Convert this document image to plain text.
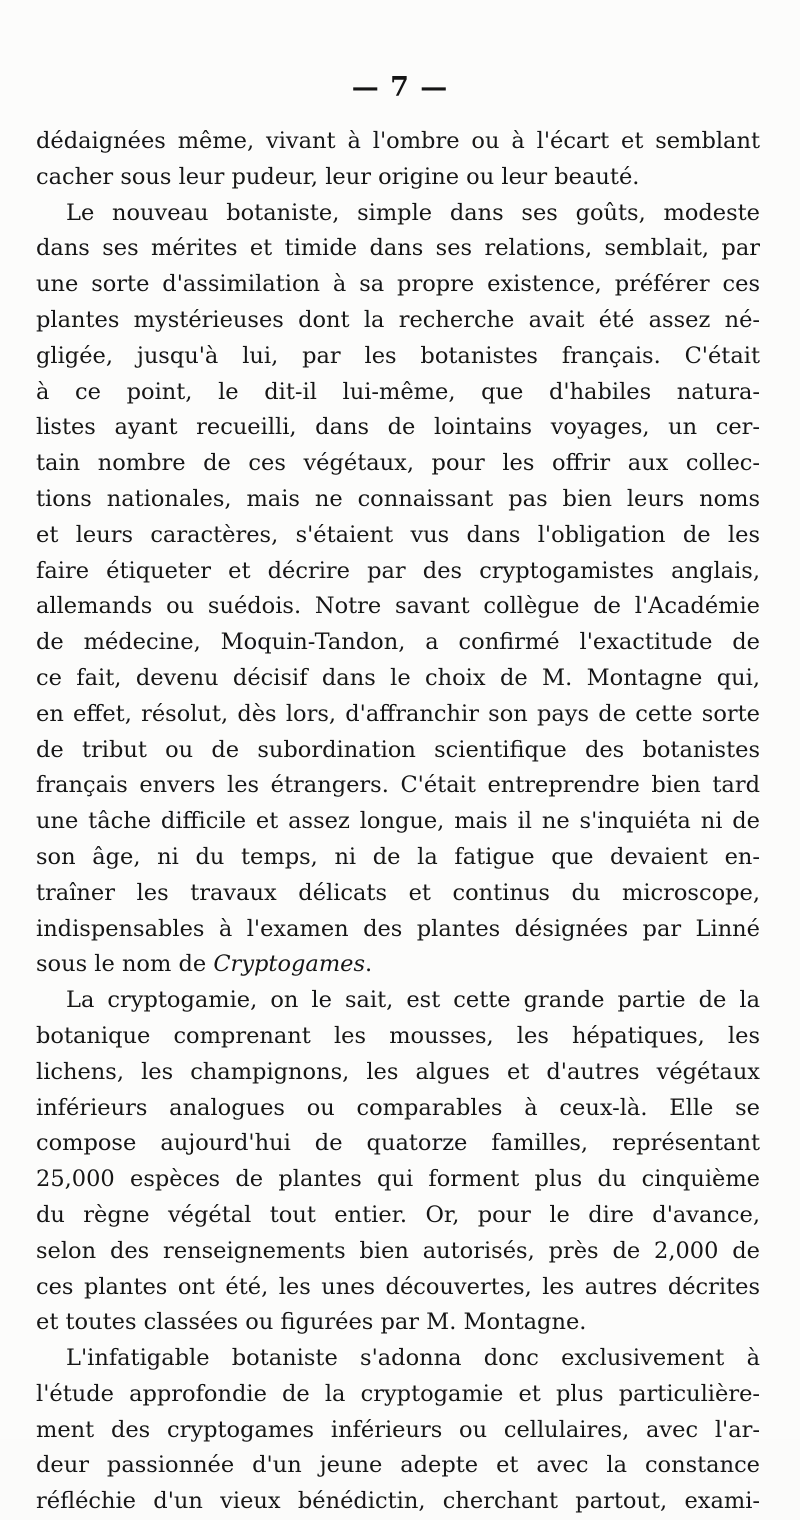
— 7 —
dédaignées même, vivant à l'ombre ou à l'écart et semblant
cacher sous leur pudeur, leur origine ou leur beauté.
Le nouveau botaniste, simple dans ses goûts, modeste
dans ses mérites et timide dans ses relations, semblait, par
une sorte d'assimilation à sa propre existence, préférer ces
plantes mystérieuses dont la recherche avait été assez né-
gligée, jusqu'à lui, par les botanistes français. C'était
à ce point, le dit-il lui-même, que d'habiles natura-
listes ayant recueilli, dans de lointains voyages, un cer-
tain nombre de ces végétaux, pour les offrir aux collec-
tions nationales, mais ne connaissant pas bien leurs noms
et leurs caractères, s'étaient vus dans l'obligation de les
faire étiqueter et décrire par des cryptogamistes anglais,
allemands ou suédois. Notre savant collègue de l'Académie
de médecine, Moquin-Tandon, a confirmé l'exactitude de
ce fait, devenu décisif dans le choix de M. Montagne qui,
en effet, résolut, dès lors, d'affranchir son pays de cette sorte
de tribut ou de subordination scientifique des botanistes
français envers les étrangers. C'était entreprendre bien tard
une tâche difficile et assez longue, mais il ne s'inquiéta ni de
son âge, ni du temps, ni de la fatigue que devaient en-
traîner les travaux délicats et continus du microscope,
indispensables à l'examen des plantes désignées par Linné
sous le nom de Cryptogames.
La cryptogamie, on le sait, est cette grande partie de la
botanique comprenant les mousses, les hépatiques, les
lichens, les champignons, les algues et d'autres végétaux
inférieurs analogues ou comparables à ceux-là. Elle se
compose aujourd'hui de quatorze familles, représentant
25,000 espèces de plantes qui forment plus du cinquième
du règne végétal tout entier. Or, pour le dire d'avance,
selon des renseignements bien autorisés, près de 2,000 de
ces plantes ont été, les unes découvertes, les autres décrites
et toutes classées ou figurées par M. Montagne.
L'infatigable botaniste s'adonna donc exclusivement à
l'étude approfondie de la cryptogamie et plus particulière-
ment des cryptogames inférieurs ou cellulaires, avec l'ar-
deur passionnée d'un jeune adepte et avec la constance
réfléchie d'un vieux bénédictin, cherchant partout, exami-
